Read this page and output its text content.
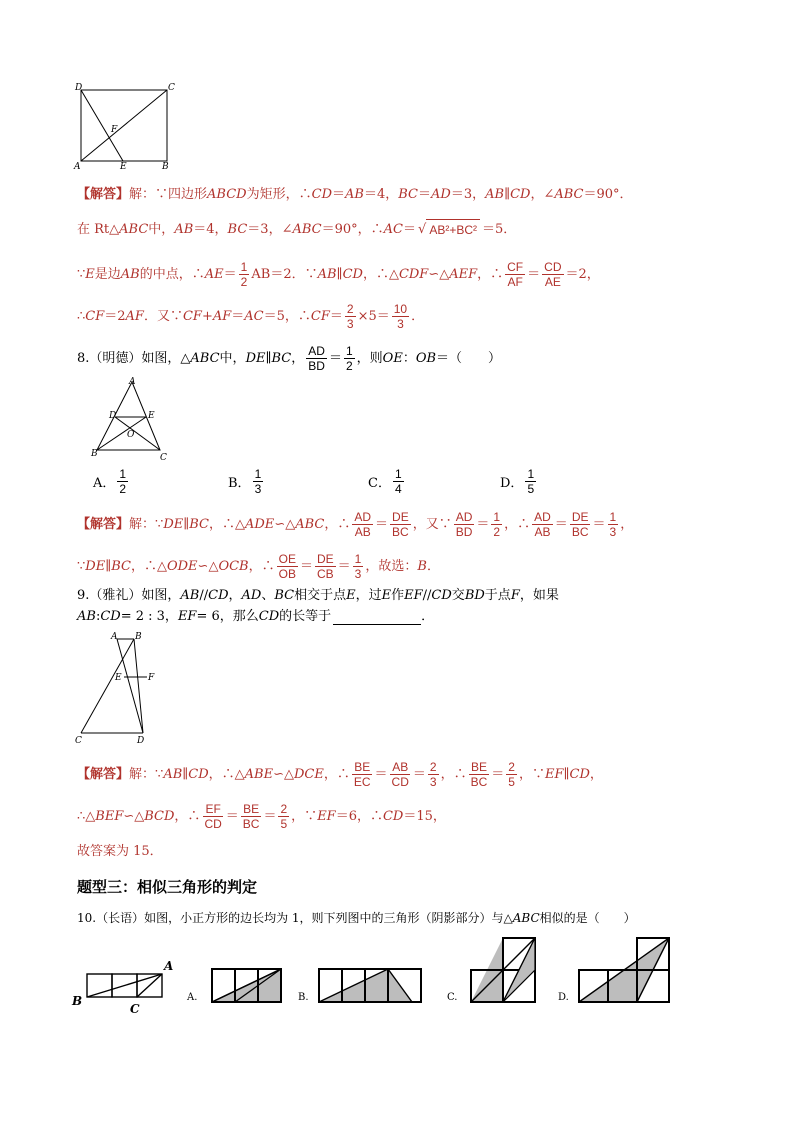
D	C
F
A	E	B
【解答】 解： ∵四边形 ABCD 为矩形，∴ CD ＝ AB ＝4， BC ＝ AD ＝3， AB ∥ CD ，∠ ABC ＝90°．
在 Rt△ ABC 中， AB ＝4， BC ＝3，∠ ABC ＝90°，∴ AC ＝ √ AB²+BC² ＝5．
∵ E 是边 AB 的中点，∴ AE ＝ $\frac{1}{2}$ AB ＝2．∵ AB ∥ CD ，∴△ CDF ∽△ AEF ，∴ $\frac{CF}{AF} = \frac{CD}{AE} =2$，
∴ CF ＝2 AF ．又∵ CF + AF ＝ AC ＝5，∴ CF ＝ $\frac{2}{3} \times 5= \frac{10}{3}$ ．
8.（明德）如图，△ ABC 中， DE ∥ BC ， $\frac{AD}{BD} = \frac{1}{2}$ ，则 OE ： OB ＝（　　）
A
D	E
O
B	C
A． $\frac{1}{2}$	B． $\frac{1}{3}$	C． $\frac{1}{4}$	D． $\frac{1}{5}$
【解答】 解： ∵ DE ∥ BC ，∴△ ADE ∽△ ABC ，∴ $\frac{AD}{AB} = \frac{DE}{BC}$ ，又∵ $\frac{AD}{BD} = \frac{1}{2}$ ，∴ $\frac{AD}{AB} = \frac{DE}{BC} = \frac{1}{3}$ ，
∵ DE ∥ BC ，∴△ ODE ∽△ OCB ，∴ $\frac{OE}{OB} = \frac{DE}{CB} = \frac{1}{3}$ ，故选： B ．
9.（雅礼）如图， AB // CD ， AD 、 BC 相交于点 E ，过 E 作 EF // CD 交 BD 于点 F ，如果
AB : CD = 2 : 3， EF = 6，那么 CD 的长等于	．
A B
E	F
C	D
【解答】 解： ∵ AB ∥ CD ，∴△ ABE ∽△ DCE ，∴ $\frac{BE}{EC} = \frac{AB}{CD} = \frac{2}{3}$ ，∴ $\frac{BE}{BC} = \frac{2}{5}$ ，∵ EF ∥ CD ，
∴△ BEF ∽△ BCD ，∴ $\frac{EF}{CD} = \frac{BE}{BC} = \frac{2}{5}$ ，∵ EF ＝6，∴ CD ＝15，
故答案为 15．
题型三：相似三角形的判定
10.（长语）如图，小正方形的边长均为 1，则下列图中的三角形（阴影部分）与△ ABC 相似的是（　　）
A
B
C
A.	B.	C.	D.
